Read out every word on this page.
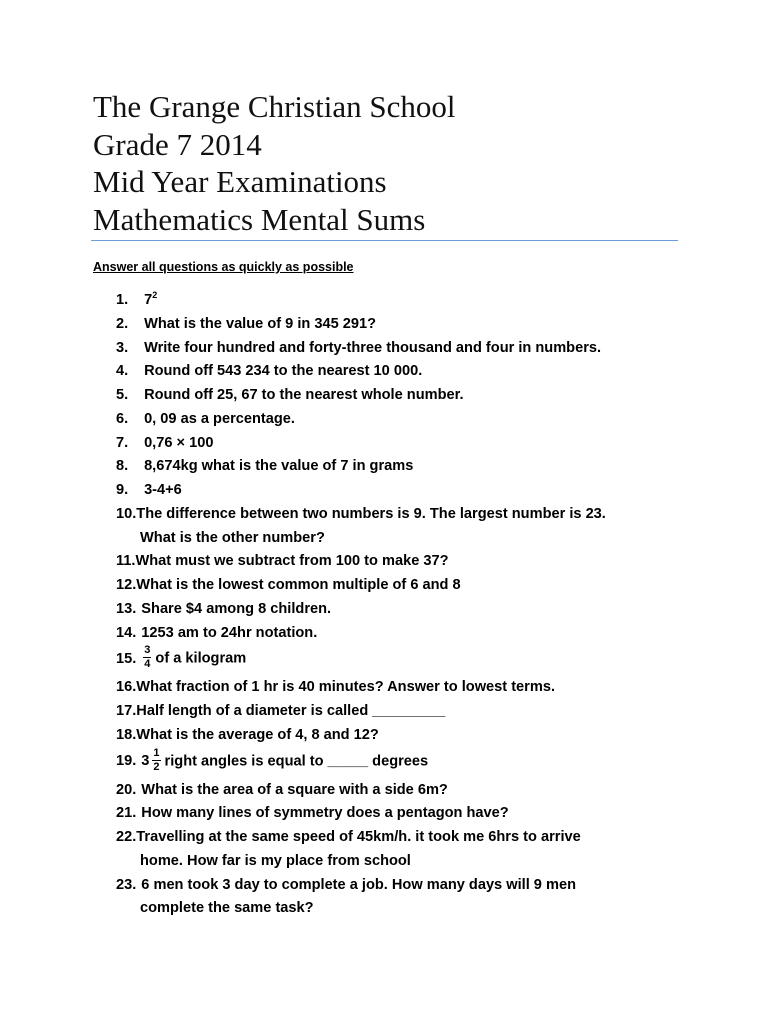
The Grange Christian School
Grade 7 2014
Mid Year Examinations
Mathematics Mental Sums
Answer all questions as quickly as possible
1. $7^2$
2. What is the value of 9 in 345 291?
3. Write four hundred and forty-three thousand and four in numbers.
4. Round off 543 234 to the nearest 10 000.
5. Round off 25, 67 to the nearest whole number.
6. 0, 09 as a percentage.
7. 0,76 × 100
8. 8,674kg what is the value of 7 in grams
9. 3-4+6
10.The difference between two numbers is 9. The largest number is 23.
What is the other number?
11.What must we subtract from 100 to make 37?
12.What is the lowest common multiple of 6 and 8
13. Share $4 among 8 children.
14. 1253 am to 24hr notation.
15. $\frac{3}{4}$ of a kilogram
16.What fraction of 1 hr is 40 minutes? Answer to lowest terms.
17.Half length of a diameter is called _________
18.What is the average of 4, 8 and 12?
19. $3 \frac{1}{2}$ right angles is equal to _____ degrees
20. What is the area of a square with a side 6m?
21. How many lines of symmetry does a pentagon have?
22.Travelling at the same speed of 45km/h. it took me 6hrs to arrive
home. How far is my place from school
23. 6 men took 3 day to complete a job. How many days will 9 men
complete the same task?
